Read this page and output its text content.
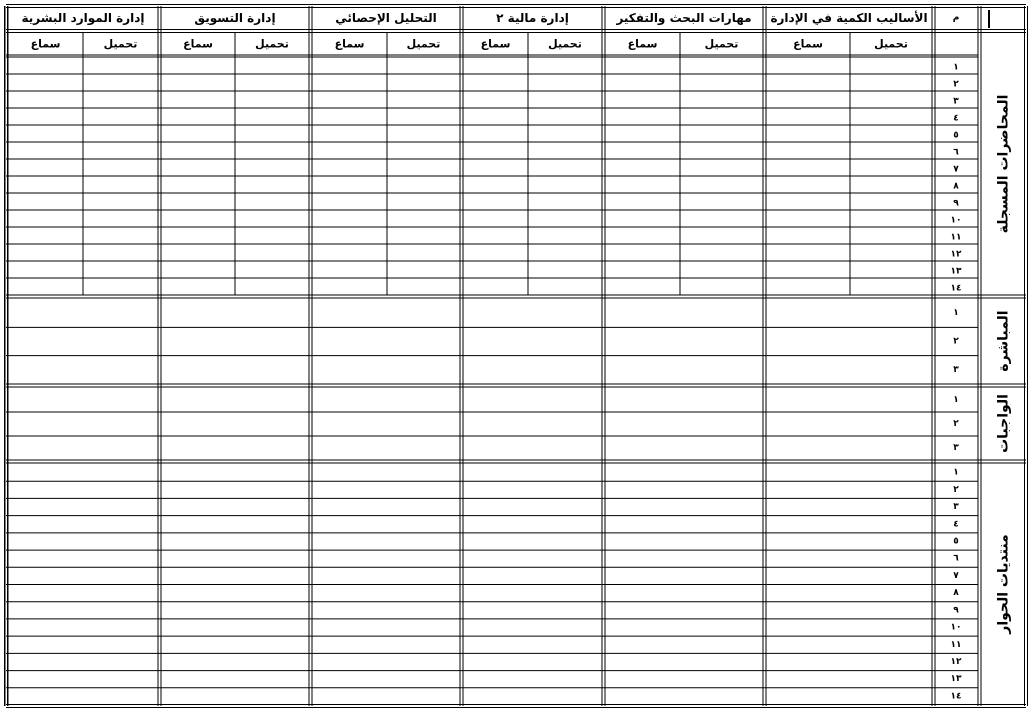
م
الأساليب الكمية في الإدارة
مهارات البحث والتفكير
إدارة مالية ٢
التحليل الإحصائي
إدارة التسويق
إدارة الموارد البشرية
تحميل
سماع
تحميل
سماع
تحميل
سماع
تحميل
سماع
تحميل
سماع
تحميل
سماع
١
٢
٣
٤
٥
٦
٧
٨
٩
١٠
١١
١٢
١٣
١٤
المحاضرات المسجلة
١
٢
٣	المباشرة
١
٢
٣	الواجبات
١
٢
٣
٤
٥
٦
٧
٨
٩
١٠
١١
١٢
١٣
١٤
منتديات الحوار
